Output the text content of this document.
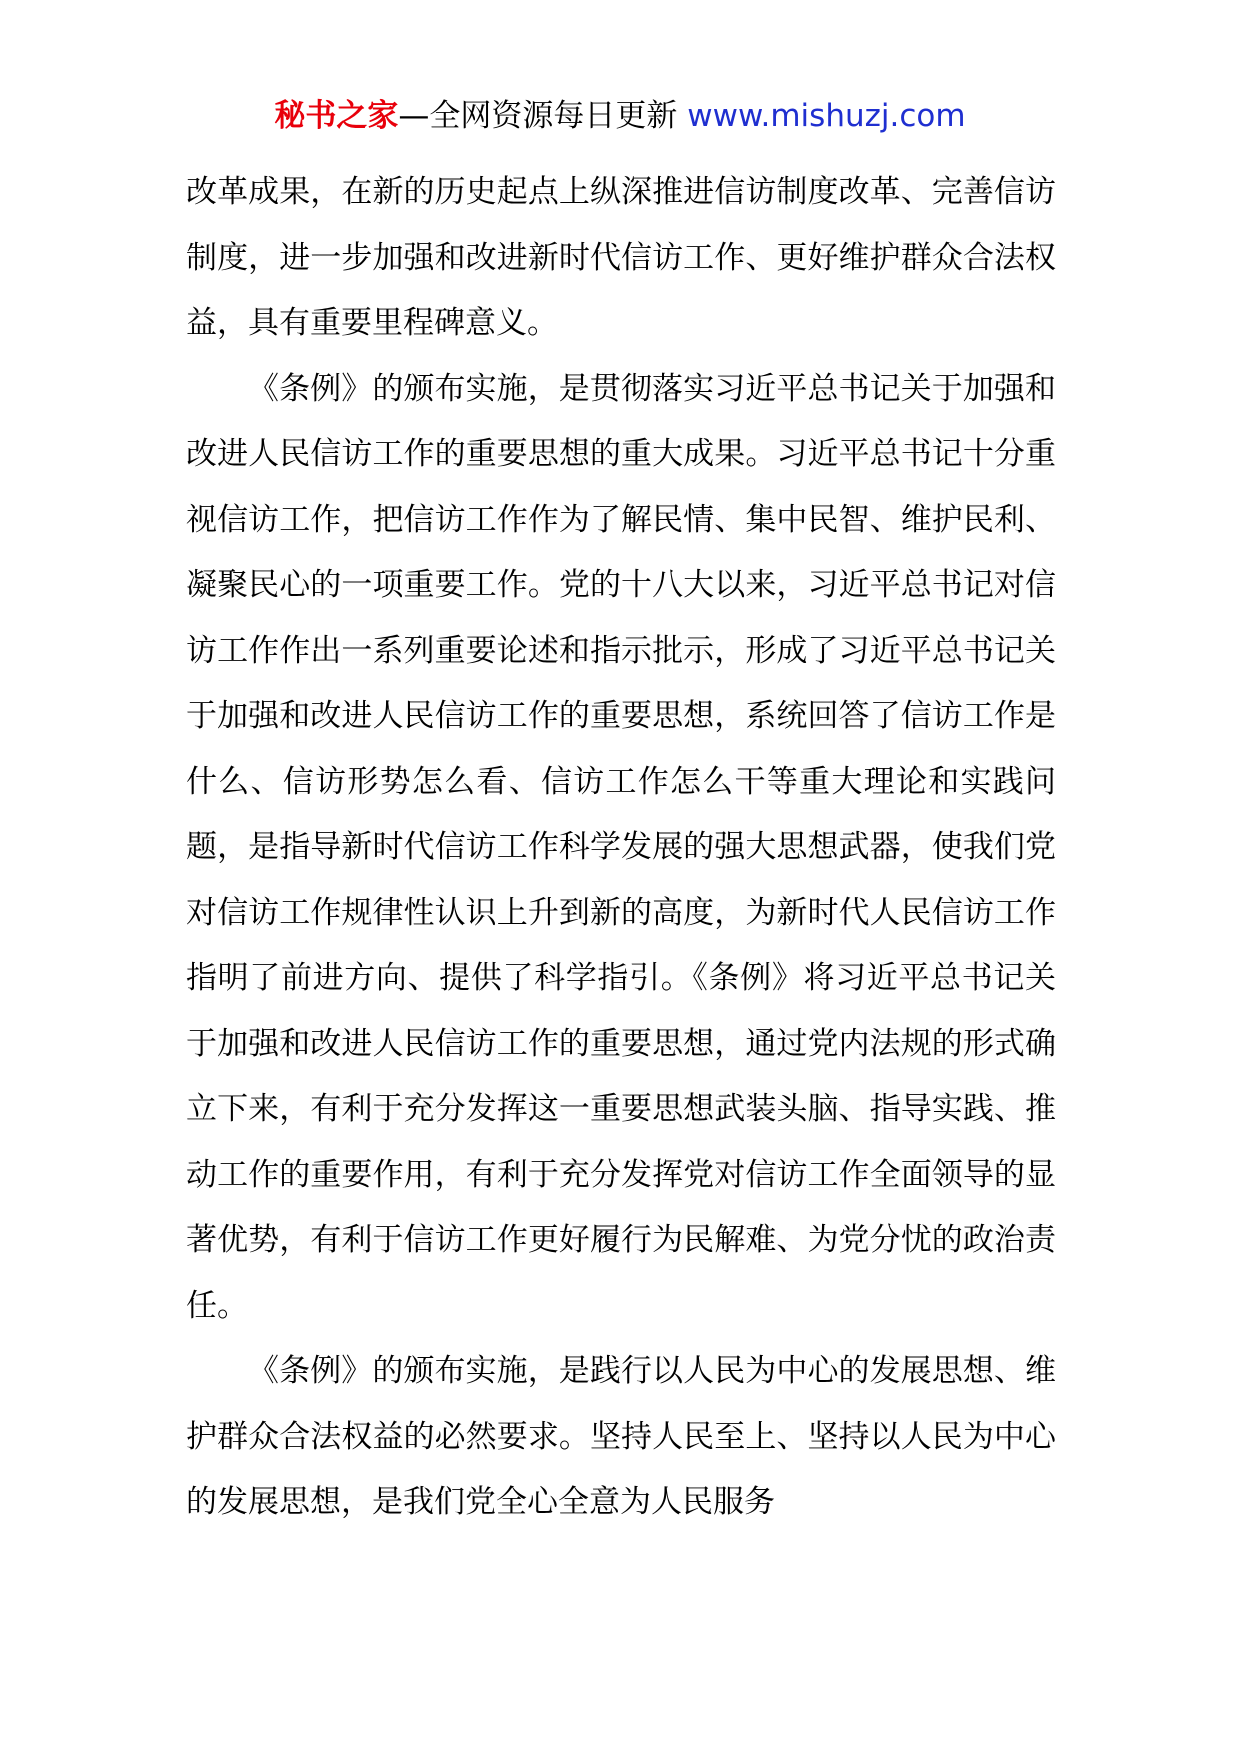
秘书之家—全网资源每日更新 www.mishuzj.com

改革成果，在新的历史起点上纵深推进信访制度改革、完善信访制度，进一步加强和改进新时代信访工作、更好维护群众合法权益，具有重要里程碑意义。

《条例》的颁布实施，是贯彻落实习近平总书记关于加强和改进人民信访工作的重要思想的重大成果。习近平总书记十分重视信访工作，把信访工作作为了解民情、集中民智、维护民利、凝聚民心的一项重要工作。党的十八大以来，习近平总书记对信访工作作出一系列重要论述和指示批示，形成了习近平总书记关于加强和改进人民信访工作的重要思想，系统回答了信访工作是什么、信访形势怎么看、信访工作怎么干等重大理论和实践问题，是指导新时代信访工作科学发展的强大思想武器，使我们党对信访工作规律性认识上升到新的高度，为新时代人民信访工作指明了前进方向、提供了科学指引。《条例》将习近平总书记关于加强和改进人民信访工作的重要思想，通过党内法规的形式确立下来，有利于充分发挥这一重要思想武装头脑、指导实践、推动工作的重要作用，有利于充分发挥党对信访工作全面领导的显著优势，有利于信访工作更好履行为民解难、为党分忧的政治责任。

《条例》的颁布实施，是践行以人民为中心的发展思想、维护群众合法权益的必然要求。坚持人民至上、坚持以人民为中心的发展思想，是我们党全心全意为人民服务
